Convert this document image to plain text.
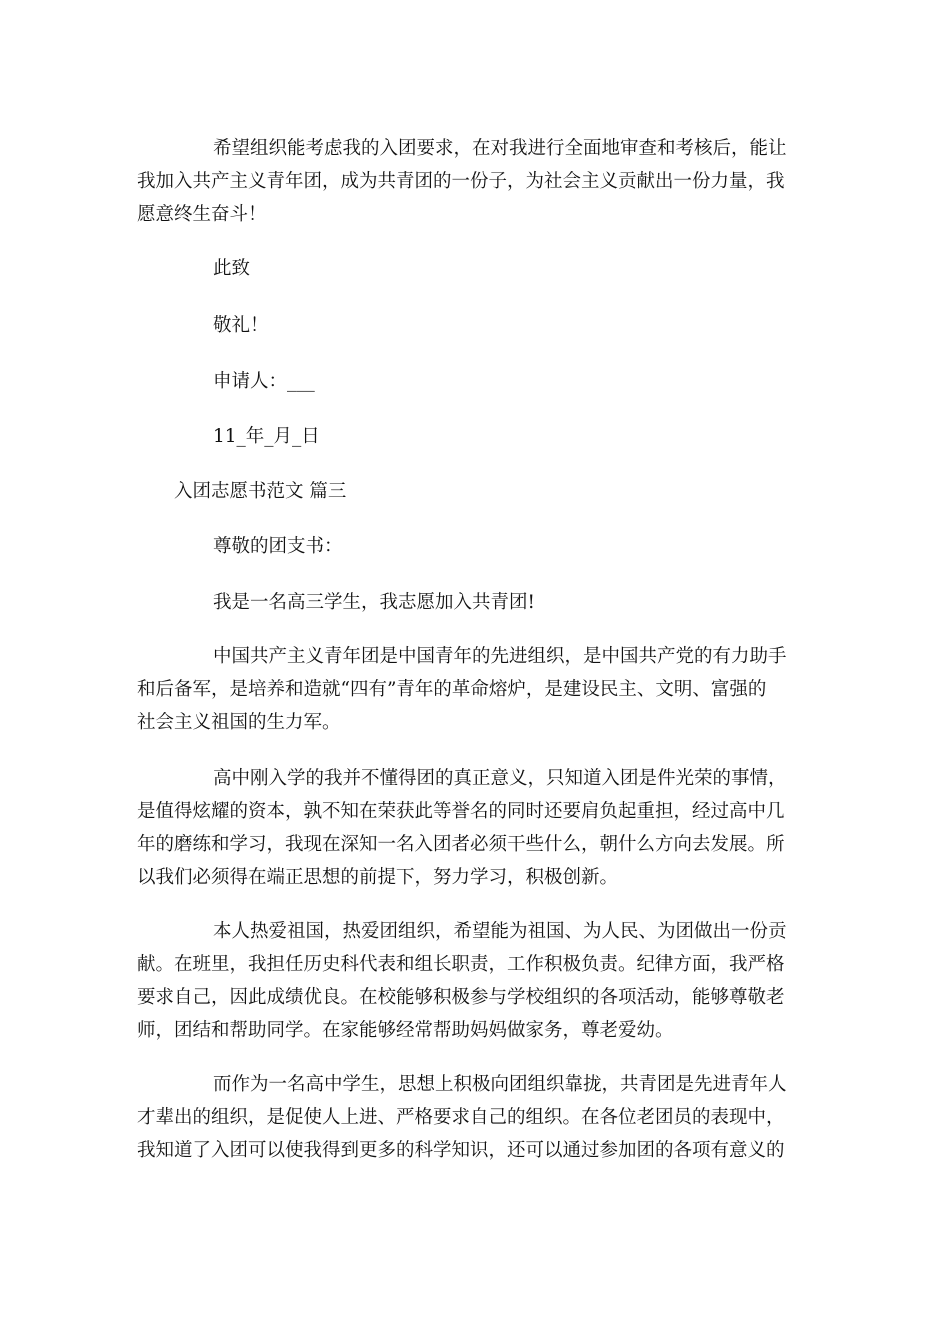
希望组织能考虑我的入团要求，在对我进行全面地审查和考核后，能让
我加入共产主义青年团，成为共青团的一份子，为社会主义贡献出一份力量，我
愿意终生奋斗！

此致

敬礼！

申请人：___

11_年_月_日

入团志愿书范文 篇三

尊敬的团支书：

我是一名高三学生，我志愿加入共青团!

中国共产主义青年团是中国青年的先进组织，是中国共产党的有力助手
和后备军，是培养和造就“四有”青年的革命熔炉，是建设民主、文明、富强的
社会主义祖国的生力军。
高中刚入学的我并不懂得团的真正意义，只知道入团是件光荣的事情，
是值得炫耀的资本，孰不知在荣获此等誉名的同时还要肩负起重担，经过高中几
年的磨练和学习，我现在深知一名入团者必须干些什么，朝什么方向去发展。所
以我们必须得在端正思想的前提下，努力学习，积极创新。
本人热爱祖国，热爱团组织，希望能为祖国、为人民、为团做出一份贡
献。在班里，我担任历史科代表和组长职责，工作积极负责。纪律方面，我严格
要求自己，因此成绩优良。在校能够积极参与学校组织的各项活动，能够尊敬老
师，团结和帮助同学。在家能够经常帮助妈妈做家务，尊老爱幼。
而作为一名高中学生，思想上积极向团组织靠拢，共青团是先进青年人
才辈出的组织，是促使人上进、严格要求自己的组织。在各位老团员的表现中，
我知道了入团可以使我得到更多的科学知识，还可以通过参加团的各项有意义的
